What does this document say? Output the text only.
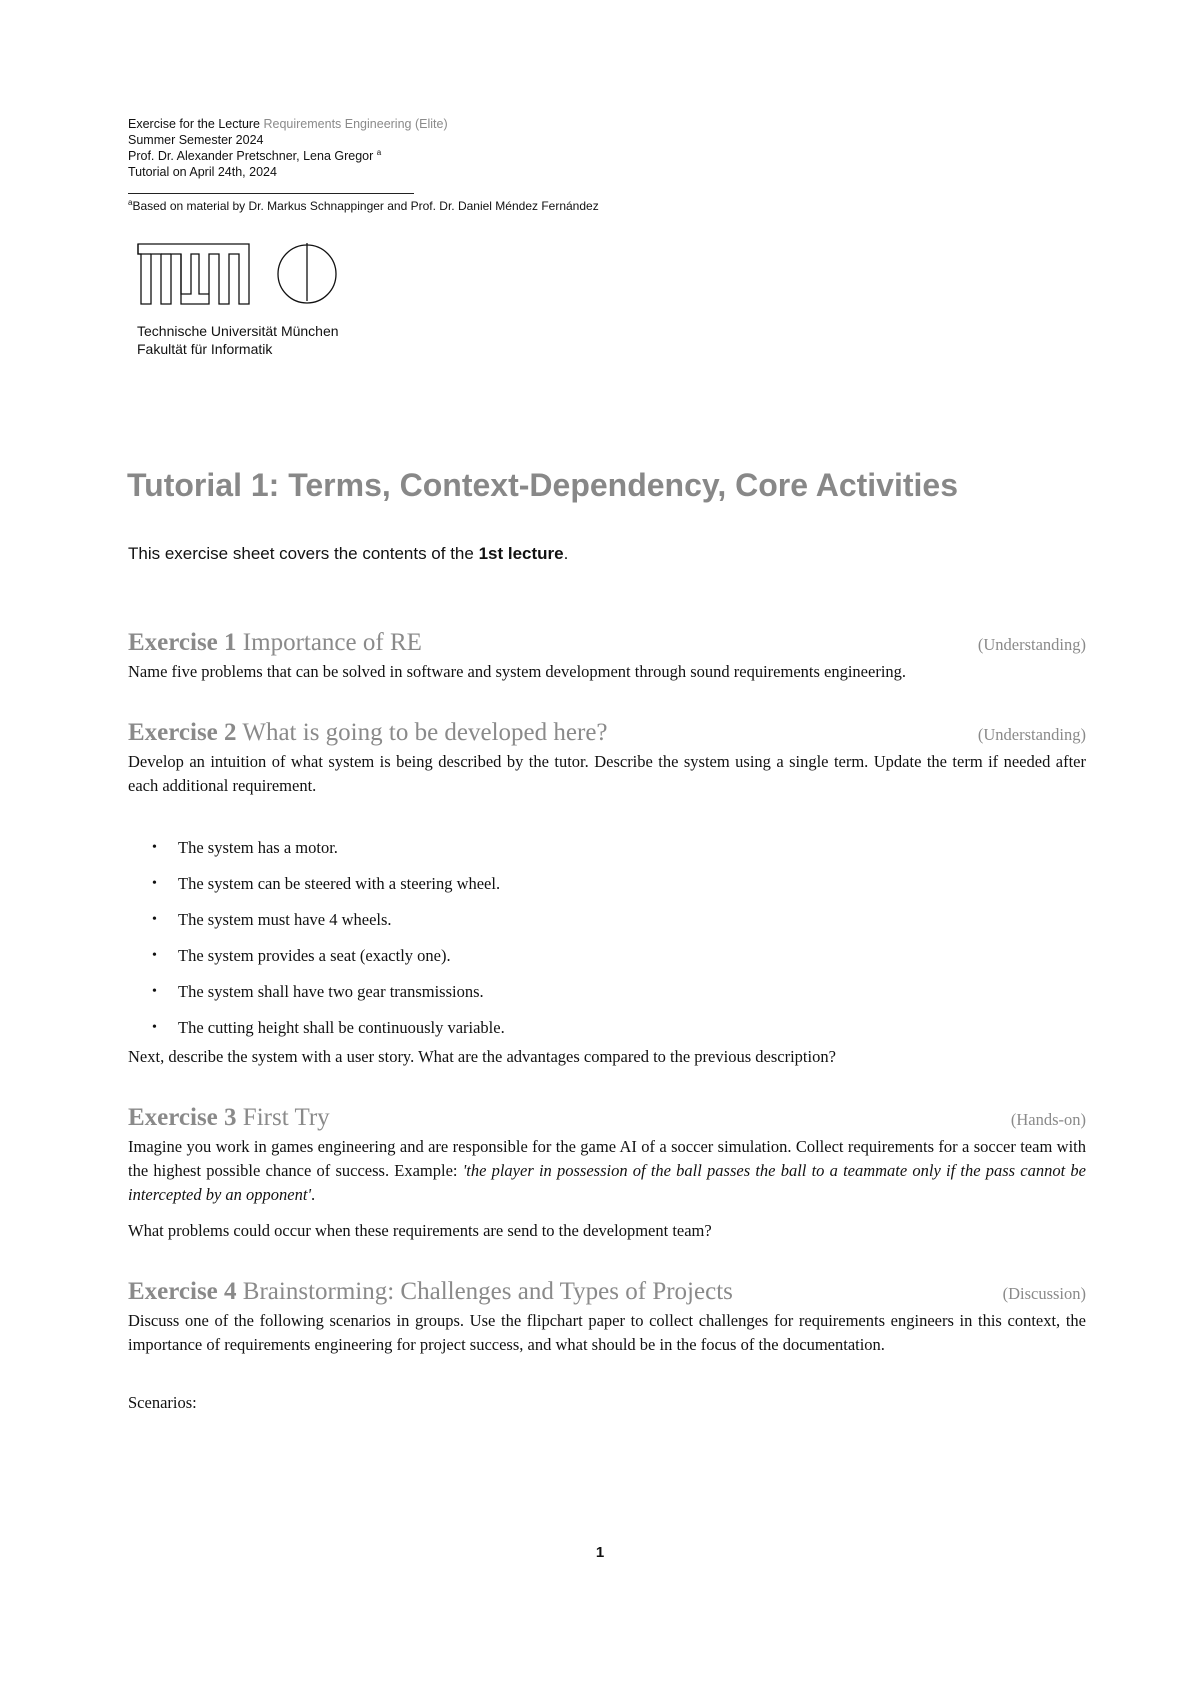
Exercise for the Lecture Requirements Engineering (Elite)
Summer Semester 2024
Prof. Dr. Alexander Pretschner, Lena Gregor $^a$
Tutorial on April 24th, 2024
$^a$Based on material by Dr. Markus Schnappinger and Prof. Dr. Daniel Méndez Fernández
Technische Universität München
Fakultät für Informatik
Tutorial 1: Terms, Context-Dependency, Core Activities
This exercise sheet covers the contents of the 1st lecture.
Exercise 1 Importance of RE	(Understanding)

Name five problems that can be solved in software and system development through sound requirements engineering.

Exercise 2 What is going to be developed here?	(Understanding)

Develop an intuition of what system is being described by the tutor. Describe the system using a single term. Update the term if needed after each additional requirement.

• The system has a motor.
• The system can be steered with a steering wheel.
• The system must have 4 wheels.
• The system provides a seat (exactly one).
• The system shall have two gear transmissions.
• The cutting height shall be continuously variable.

Next, describe the system with a user story. What are the advantages compared to the previous description?

Exercise 3 First Try	(Hands-on)

Imagine you work in games engineering and are responsible for the game AI of a soccer simulation. Collect requirements for a soccer team with the highest possible chance of success. Example: 'the player in possession of the ball passes the ball to a teammate only if the pass cannot be intercepted by an opponent'.

What problems could occur when these requirements are send to the development team?

Exercise 4 Brainstorming: Challenges and Types of Projects	(Discussion)

Discuss one of the following scenarios in groups. Use the flipchart paper to collect challenges for requirements engineers in this context, the importance of requirements engineering for project success, and what should be in the focus of the documentation.

Scenarios:

1
